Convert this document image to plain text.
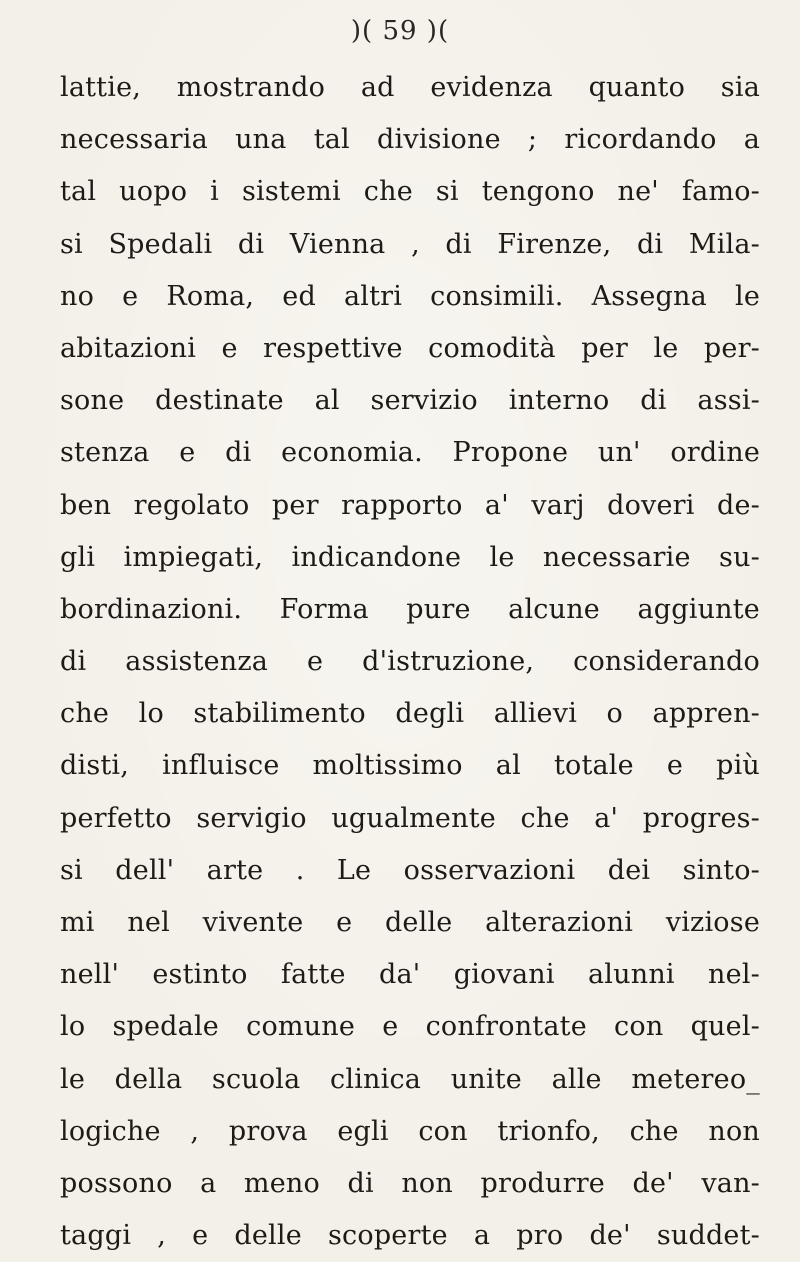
)( 59 )(
lattie, mostrando ad evidenza quanto sia
necessaria una tal divisione ; ricordando a
tal uopo i sistemi che si tengono ne' famo-
si Spedali di Vienna , di Firenze, di Mila-
no e Roma, ed altri consimili. Assegna le
abitazioni e respettive comodità per le per-
sone destinate al servizio interno di assi-
stenza e di economia. Propone un' ordine
ben regolato per rapporto a' varj doveri de-
gli impiegati, indicandone le necessarie su-
bordinazioni. Forma pure alcune aggiunte
di assistenza e d'istruzione, considerando
che lo stabilimento degli allievi o appren-
disti, influisce moltissimo al totale e più
perfetto servigio ugualmente che a' progres-
si dell' arte . Le osservazioni dei sinto-
mi nel vivente e delle alterazioni viziose
nell' estinto fatte da' giovani alunni nel-
lo spedale comune e confrontate con quel-
le della scuola clinica unite alle metereo_
logiche , prova egli con trionfo, che non
possono a meno di non produrre de' van-
taggi , e delle scoperte a pro de' suddet-
